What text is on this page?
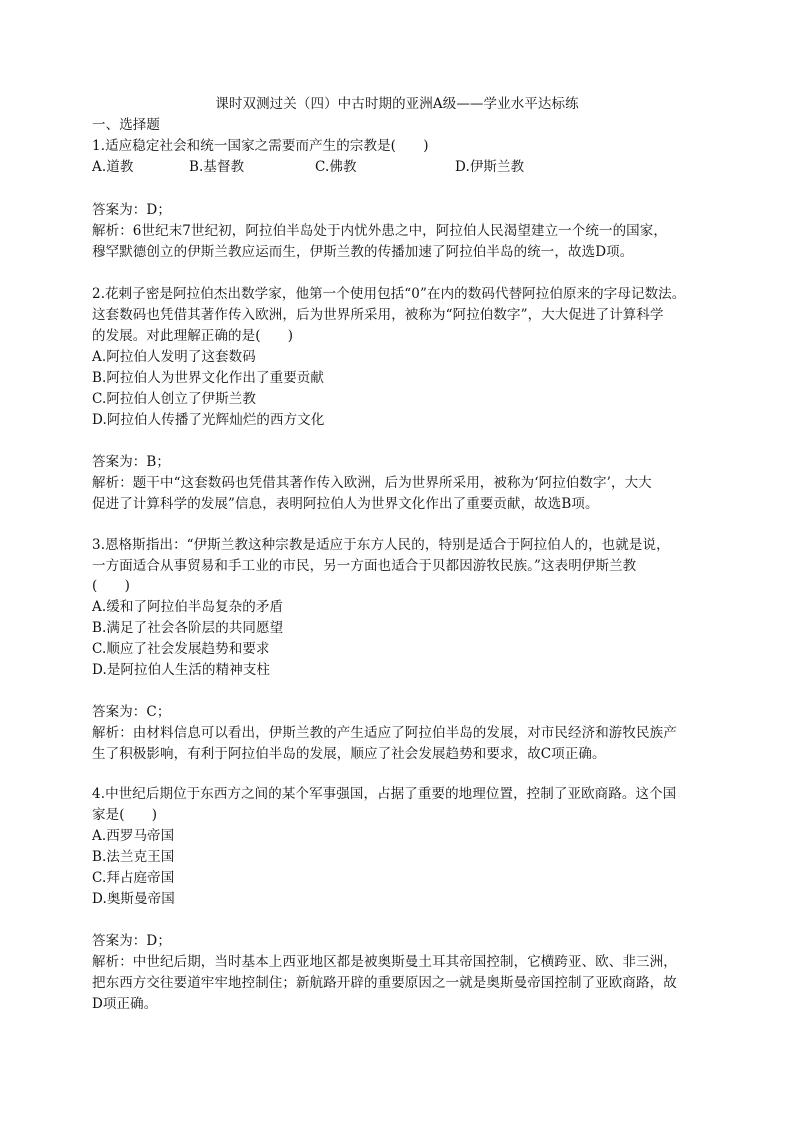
课时双测过关（四）中古时期的亚洲A级——学业水平达标练
一、选择题
1.适应稳定社会和统一国家之需要而产生的宗教是(　　)
A.道教	B.基督教	C.佛教	D.伊斯兰教
答案为：D；
解析：6世纪末7世纪初，阿拉伯半岛处于内忧外患之中，阿拉伯人民渴望建立一个统一的国家，
穆罕默德创立的伊斯兰教应运而生，伊斯兰教的传播加速了阿拉伯半岛的统一，故选D项。
2.花剌子密是阿拉伯杰出数学家，他第一个使用包括“0”在内的数码代替阿拉伯原来的字母记数法。
这套数码也凭借其著作传入欧洲，后为世界所采用，被称为“阿拉伯数字”，大大促进了计算科学
的发展。对此理解正确的是(　　)
A.阿拉伯人发明了这套数码
B.阿拉伯人为世界文化作出了重要贡献
C.阿拉伯人创立了伊斯兰教
D.阿拉伯人传播了光辉灿烂的西方文化
答案为：B；
解析：题干中“这套数码也凭借其著作传入欧洲，后为世界所采用，被称为‘阿拉伯数字’，大大
促进了计算科学的发展”信息，表明阿拉伯人为世界文化作出了重要贡献，故选B项。
3.恩格斯指出：“伊斯兰教这种宗教是适应于东方人民的，特别是适合于阿拉伯人的，也就是说，
一方面适合从事贸易和手工业的市民，另一方面也适合于贝都因游牧民族。”这表明伊斯兰教
(　　)
A.缓和了阿拉伯半岛复杂的矛盾
B.满足了社会各阶层的共同愿望
C.顺应了社会发展趋势和要求
D.是阿拉伯人生活的精神支柱
答案为：C；
解析：由材料信息可以看出，伊斯兰教的产生适应了阿拉伯半岛的发展，对市民经济和游牧民族产
生了积极影响，有利于阿拉伯半岛的发展，顺应了社会发展趋势和要求，故C项正确。
4.中世纪后期位于东西方之间的某个军事强国，占据了重要的地理位置，控制了亚欧商路。这个国
家是(　　)
A.西罗马帝国
B.法兰克王国
C.拜占庭帝国
D.奥斯曼帝国
答案为：D；
解析：中世纪后期，当时基本上西亚地区都是被奥斯曼土耳其帝国控制，它横跨亚、欧、非三洲，
把东西方交往要道牢牢地控制住；新航路开辟的重要原因之一就是奥斯曼帝国控制了亚欧商路，故
D项正确。
